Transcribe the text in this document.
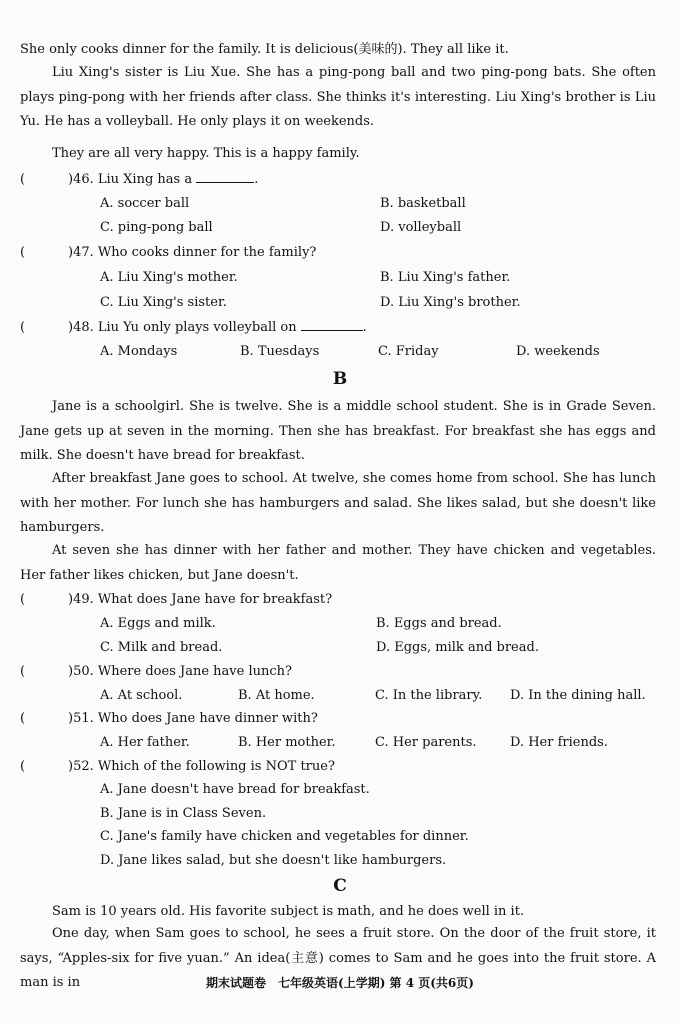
She only cooks dinner for the family. It is delicious(美味的). They all like it.
Liu Xing's sister is Liu Xue. She has a ping-pong ball and two ping-pong bats. She often plays ping-pong with her friends after class. She thinks it's interesting. Liu Xing's brother is Liu Yu. He has a volleyball. He only plays it on weekends.
They are all very happy. This is a happy family.
(	)46. Liu Xing has a	.
A. soccer ball	B. basketball
C. ping-pong ball	D. volleyball
(	)47. Who cooks dinner for the family?
A. Liu Xing's mother.	B. Liu Xing's father.
C. Liu Xing's sister.	D. Liu Xing's brother.
(	)48. Liu Yu only plays volleyball on	.
A. Mondays	B. Tuesdays	C. Friday	D. weekends
B
Jane is a schoolgirl. She is twelve. She is a middle school student. She is in Grade Seven. Jane gets up at seven in the morning. Then she has breakfast. For breakfast she has eggs and milk. She doesn't have bread for breakfast.
After breakfast Jane goes to school. At twelve, she comes home from school. She has lunch with her mother. For lunch she has hamburgers and salad. She likes salad, but she doesn't like hamburgers.
At seven she has dinner with her father and mother. They have chicken and vegetables. Her father likes chicken, but Jane doesn't.
(	)49. What does Jane have for breakfast?
A. Eggs and milk.	B. Eggs and bread.
C. Milk and bread.	D. Eggs, milk and bread.
(	)50. Where does Jane have lunch?
A. At school.	B. At home.	C. In the library. D. In the dining hall.
(	)51. Who does Jane have dinner with?
A. Her father.	B. Her mother.	C. Her parents.	D. Her friends.
(	)52. Which of the following is NOT true?
A. Jane doesn't have bread for breakfast.
B. Jane is in Class Seven.
C. Jane's family have chicken and vegetables for dinner.
D. Jane likes salad, but she doesn't like hamburgers.
C
Sam is 10 years old. His favorite subject is math, and he does well in it.
One day, when Sam goes to school, he sees a fruit store. On the door of the fruit store, it says, “Apples-six for five yuan.” An idea(主意) comes to Sam and he goes into the fruit store. A man is in	期末试题卷　七年级英语(上学期) 第 4 页(共6页)
